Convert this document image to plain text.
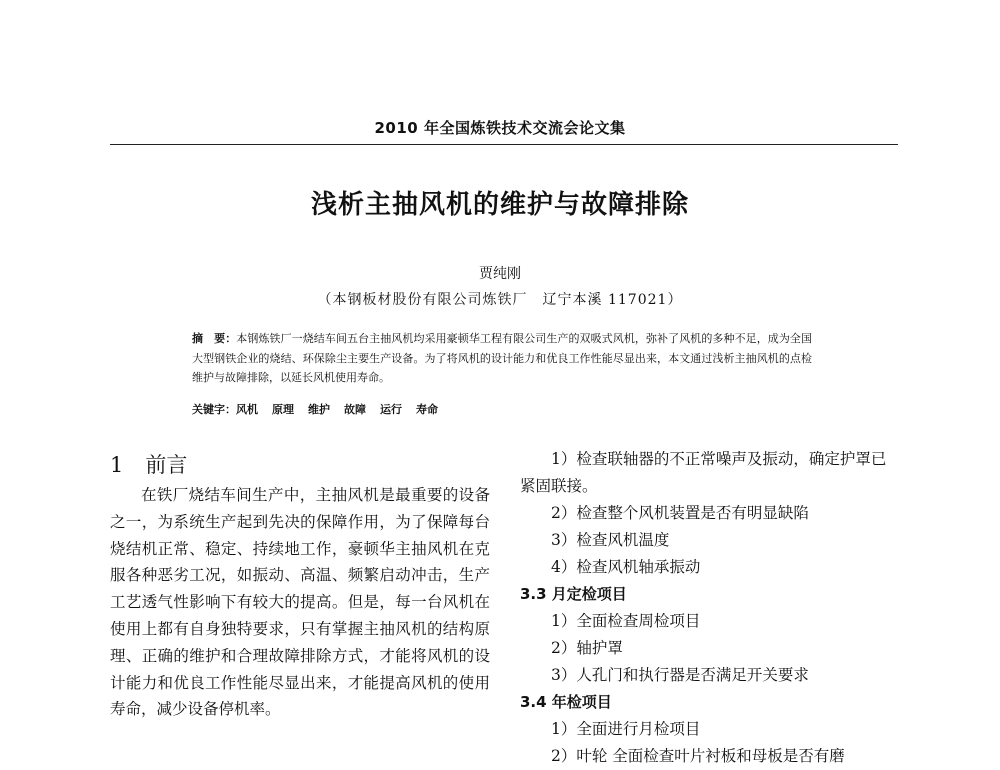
2010 年全国炼铁技术交流会论文集
浅析主抽风机的维护与故障排除
贾纯刚
（本钢板材股份有限公司炼铁厂　辽宁本溪 117021）
摘　要：本钢炼铁厂一烧结车间五台主抽风机均采用豪顿华工程有限公司生产的双吸式风机，弥补了风机的多种不足，成为全国大型钢铁企业的烧结、环保除尘主要生产设备。为了将风机的设计能力和优良工作性能尽显出来，本文通过浅析主抽风机的点检维护与故障排除，以延长风机使用寿命。
关键字：风机 原理 维护 故障 运行 寿命
1 前言
在铁厂烧结车间生产中，主抽风机是最重要的设备之一，为系统生产起到先决的保障作用，为了保障每台烧结机正常、稳定、持续地工作，豪顿华主抽风机在克服各种恶劣工况，如振动、高温、频繁启动冲击，生产工艺透气性影响下有较大的提高。但是，每一台风机在使用上都有自身独特要求，只有掌握主抽风机的结构原理、正确的维护和合理故障排除方式，才能将风机的设计能力和优良工作性能尽显出来，才能提高风机的使用寿命，减少设备停机率。
1）检查联轴器的不正常噪声及振动，确定护罩已紧固联接。
2）检查整个风机装置是否有明显缺陷
3）检查风机温度
4）检查风机轴承振动
3.3 月定检项目
1）全面检查周检项目
2）轴护罩
3）人孔门和执行器是否满足开关要求
3.4 年检项目
1）全面进行月检项目
2）叶轮 全面检查叶片衬板和母板是否有磨
